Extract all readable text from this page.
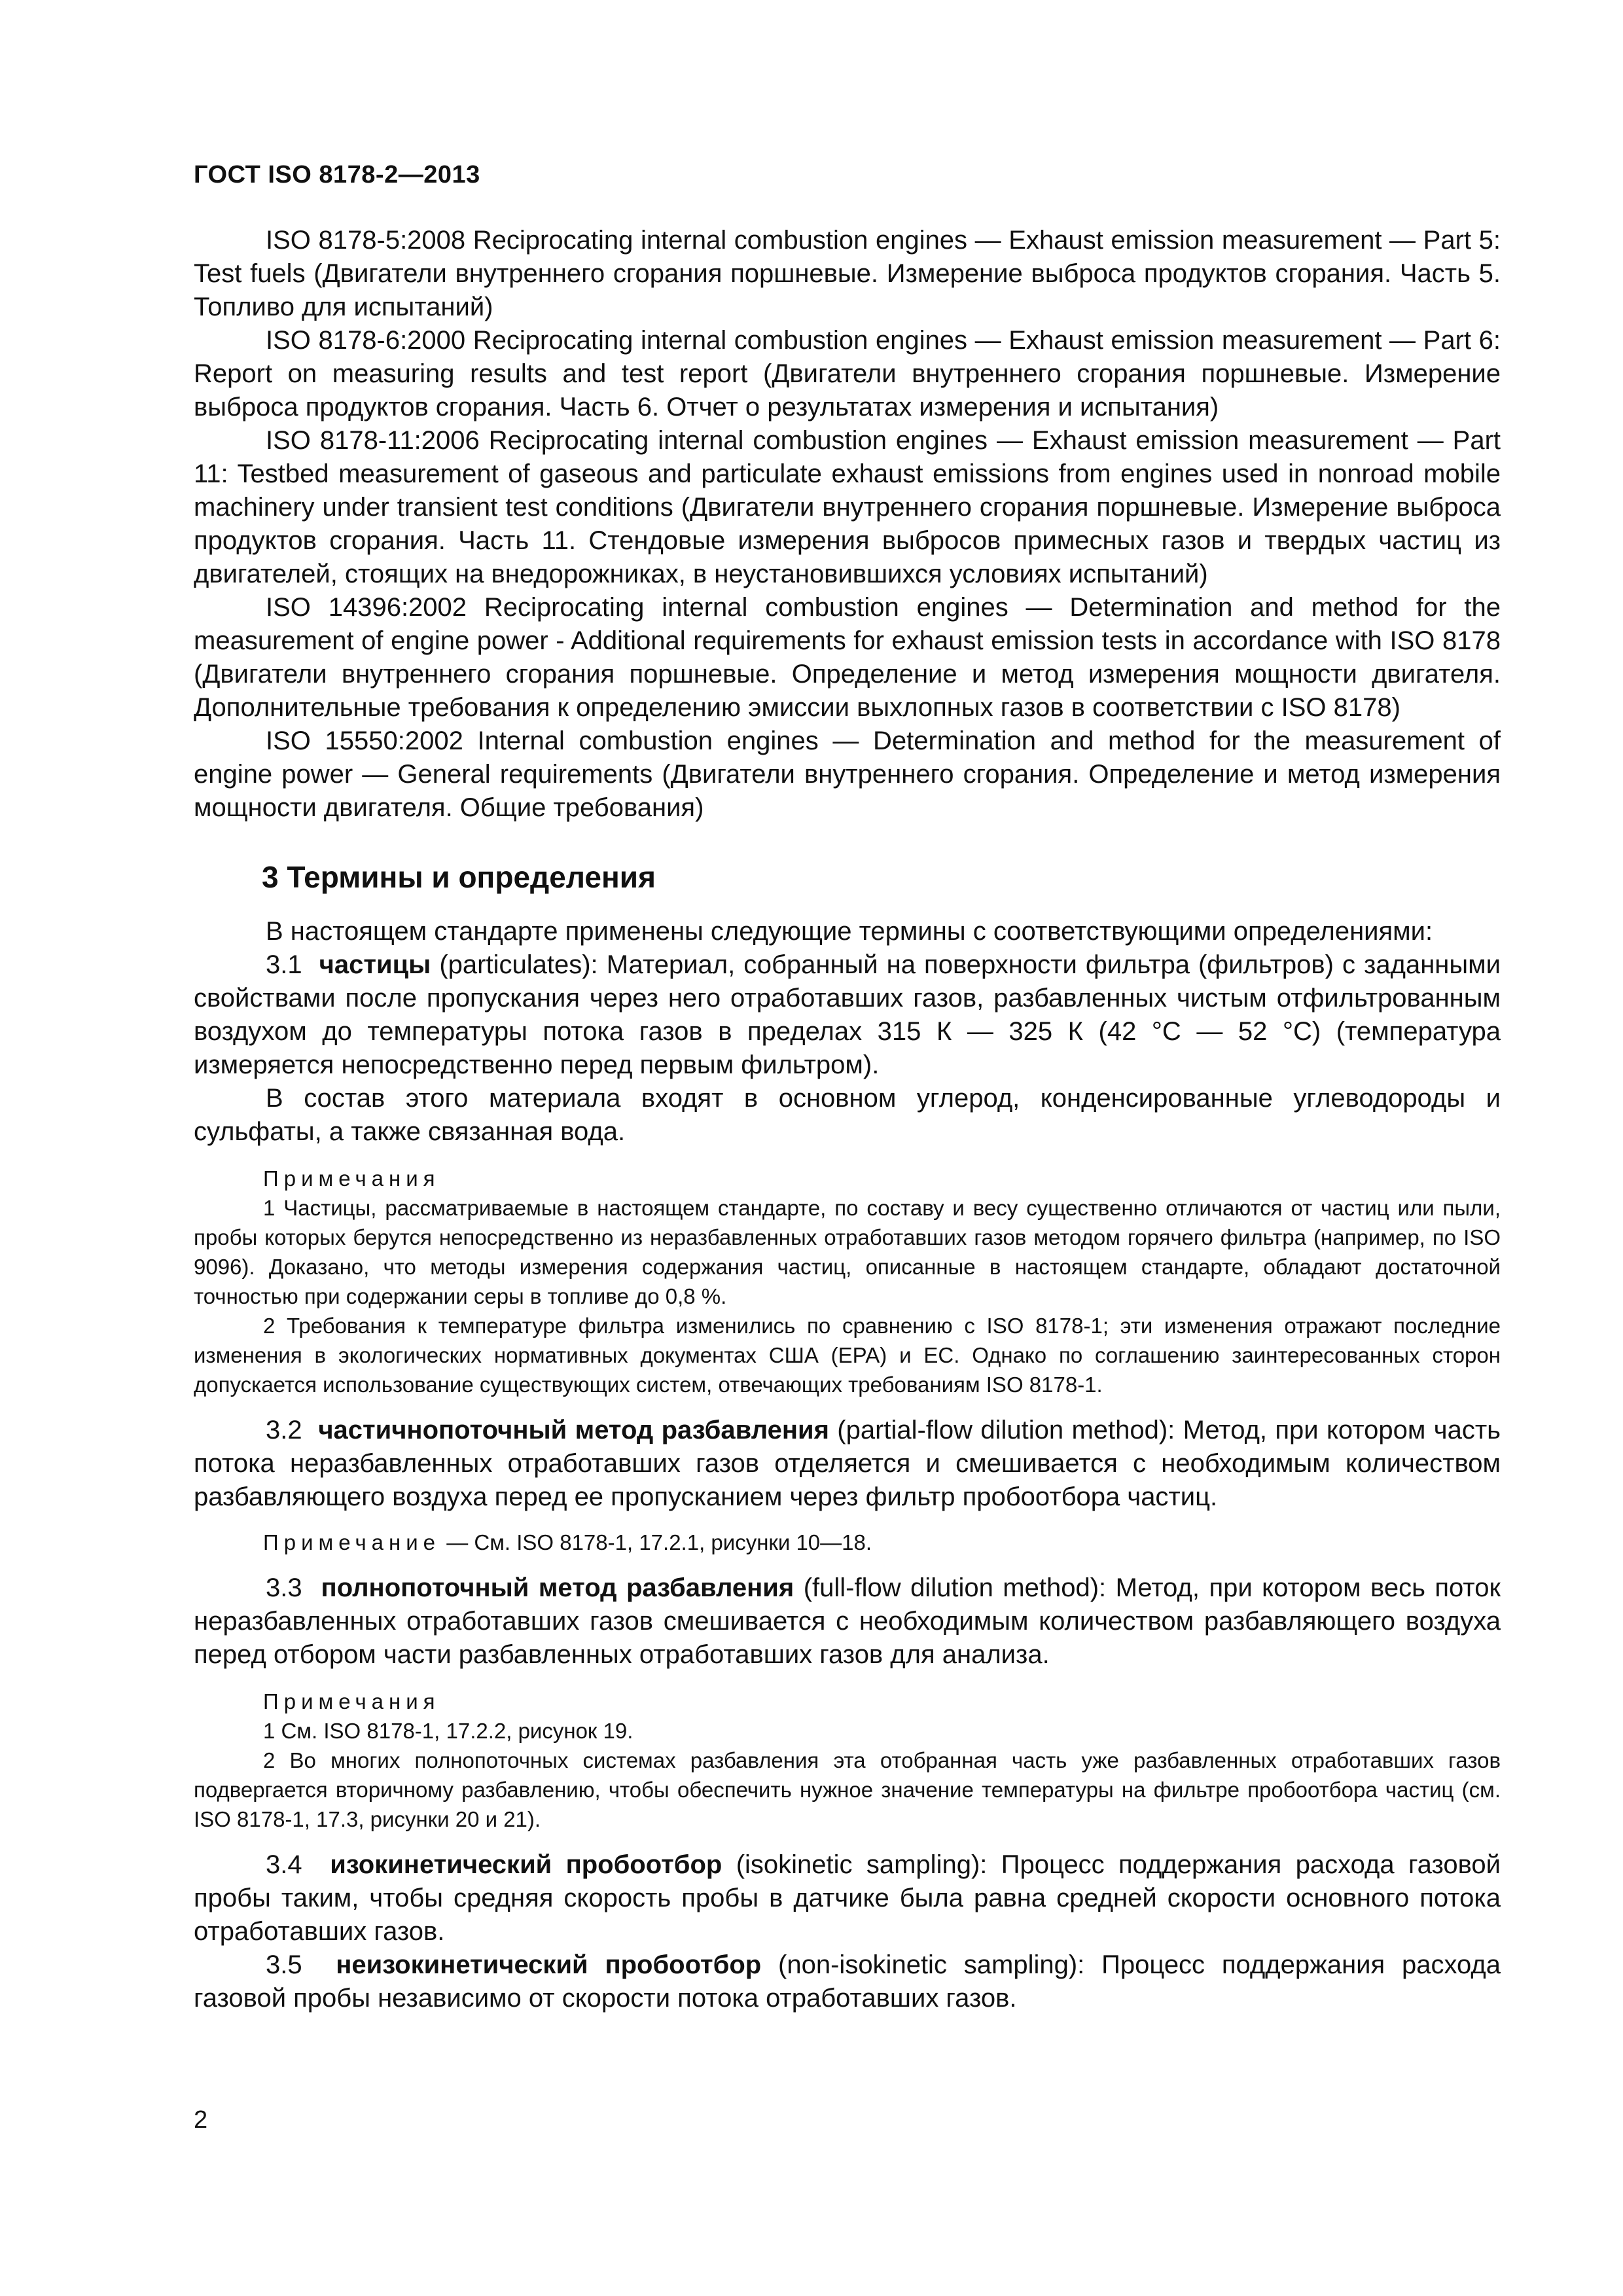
ГОСТ ISO 8178-2—2013

ISO 8178-5:2008 Reciprocating internal combustion engines — Exhaust emission measurement — Part 5: Test fuels (Двигатели внутреннего сгорания поршневые. Измерение выброса продуктов сгорания. Часть 5. Топливо для испытаний)

ISO 8178-6:2000 Reciprocating internal combustion engines — Exhaust emission measurement — Part 6: Report on measuring results and test report (Двигатели внутреннего сгорания поршневые. Измерение выброса продуктов сгорания. Часть 6. Отчет о результатах измерения и испытания)

ISO 8178-11:2006 Reciprocating internal combustion engines — Exhaust emission measurement — Part 11: Testbed measurement of gaseous and particulate exhaust emissions from engines used in nonroad mobile machinery under transient test conditions (Двигатели внутреннего сгорания поршневые. Измерение выброса продуктов сгорания. Часть 11. Стендовые измерения выбросов примесных газов и твердых частиц из двигателей, стоящих на внедорожниках, в неустановившихся условиях испытаний)

ISO 14396:2002 Reciprocating internal combustion engines — Determination and method for the measurement of engine power - Additional requirements for exhaust emission tests in accordance with ISO 8178 (Двигатели внутреннего сгорания поршневые. Определение и метод измерения мощности двигателя. Дополнительные требования к определению эмиссии выхлопных газов в соответствии с ISO 8178)

ISO 15550:2002 Internal combustion engines — Determination and method for the measurement of engine power — General requirements (Двигатели внутреннего сгорания. Определение и метод измерения мощности двигателя. Общие требования)

3 Термины и определения

В настоящем стандарте применены следующие термины с соответствующими определениями:

3.1 частицы (particulates): Материал, собранный на поверхности фильтра (фильтров) с заданными свойствами после пропускания через него отработавших газов, разбавленных чистым отфильтрованным воздухом до температуры потока газов в пределах 315 К — 325 К (42 °С — 52 °С) (температура измеряется непосредственно перед первым фильтром).

В состав этого материала входят в основном углерод, конденсированные углеводороды и сульфаты, а также связанная вода.

Примечания

1 Частицы, рассматриваемые в настоящем стандарте, по составу и весу существенно отличаются от частиц или пыли, пробы которых берутся непосредственно из неразбавленных отработавших газов методом горячего фильтра (например, по ISO 9096). Доказано, что методы измерения содержания частиц, описанные в настоящем стандарте, обладают достаточной точностью при содержании серы в топливе до 0,8 %.

2 Требования к температуре фильтра изменились по сравнению с ISO 8178-1; эти изменения отражают последние изменения в экологических нормативных документах США (EPA) и ЕС. Однако по соглашению заинтересованных сторон допускается использование существующих систем, отвечающих требованиям ISO 8178-1.

3.2 частичнопоточный метод разбавления (partial-flow dilution method): Метод, при котором часть потока неразбавленных отработавших газов отделяется и смешивается с необходимым количеством разбавляющего воздуха перед ее пропусканием через фильтр пробоотбора частиц.

Примечание — См. ISO 8178-1, 17.2.1, рисунки 10—18.

3.3 полнопоточный метод разбавления (full-flow dilution method): Метод, при котором весь поток неразбавленных отработавших газов смешивается с необходимым количеством разбавляющего воздуха перед отбором части разбавленных отработавших газов для анализа.

Примечания

1 См. ISO 8178-1, 17.2.2, рисунок 19.

2 Во многих полнопоточных системах разбавления эта отобранная часть уже разбавленных отработавших газов подвергается вторичному разбавлению, чтобы обеспечить нужное значение температуры на фильтре пробоотбора частиц (см. ISO 8178-1, 17.3, рисунки 20 и 21).

3.4 изокинетический пробоотбор (isokinetic sampling): Процесс поддержания расхода газовой пробы таким, чтобы средняя скорость пробы в датчике была равна средней скорости основного потока отработавших газов.

3.5 неизокинетический пробоотбор (non-isokinetic sampling): Процесс поддержания расхода газовой пробы независимо от скорости потока отработавших газов.

2
